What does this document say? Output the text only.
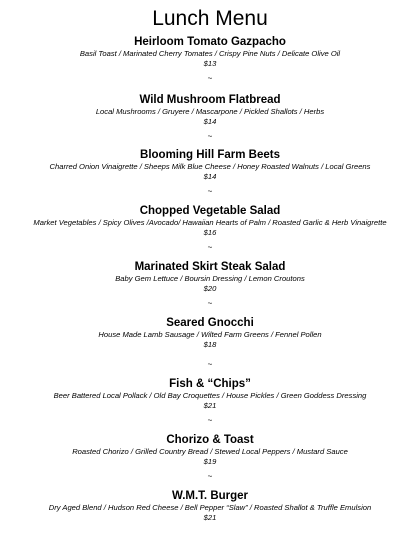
Lunch Menu
Heirloom Tomato Gazpacho
Basil Toast / Marinated Cherry Tomates / Crispy Pine Nuts / Delicate Olive Oil
$13
~
Wild Mushroom Flatbread
Local Mushrooms / Gruyere / Mascarpone / Pickled Shallots / Herbs
$14
~
Blooming Hill Farm Beets
Charred Onion Vinaigrette / Sheeps Milk Blue Cheese / Honey Roasted Walnuts / Local Greens
$14
~
Chopped Vegetable Salad
Market Vegetables / Spicy Olives /Avocado/ Hawaiian Hearts of Palm / Roasted Garlic & Herb Vinaigrette
$16
~
Marinated Skirt Steak Salad
Baby Gem Lettuce / Boursin Dressing / Lemon Croutons
$20
~
Seared Gnocchi
House Made Lamb Sausage / Wilted Farm Greens / Fennel Pollen
$18
~
Fish & “Chips”
Beer Battered Local Pollack / Old Bay Croquettes / House Pickles / Green Goddess Dressing
$21
~
Chorizo & Toast
Roasted Chorizo / Grilled Country Bread / Stewed Local Peppers / Mustard Sauce
$19
~
W.M.T. Burger
Dry Aged Blend / Hudson Red Cheese / Bell Pepper “Slaw” / Roasted Shallot & Truffle Emulsion
$21
